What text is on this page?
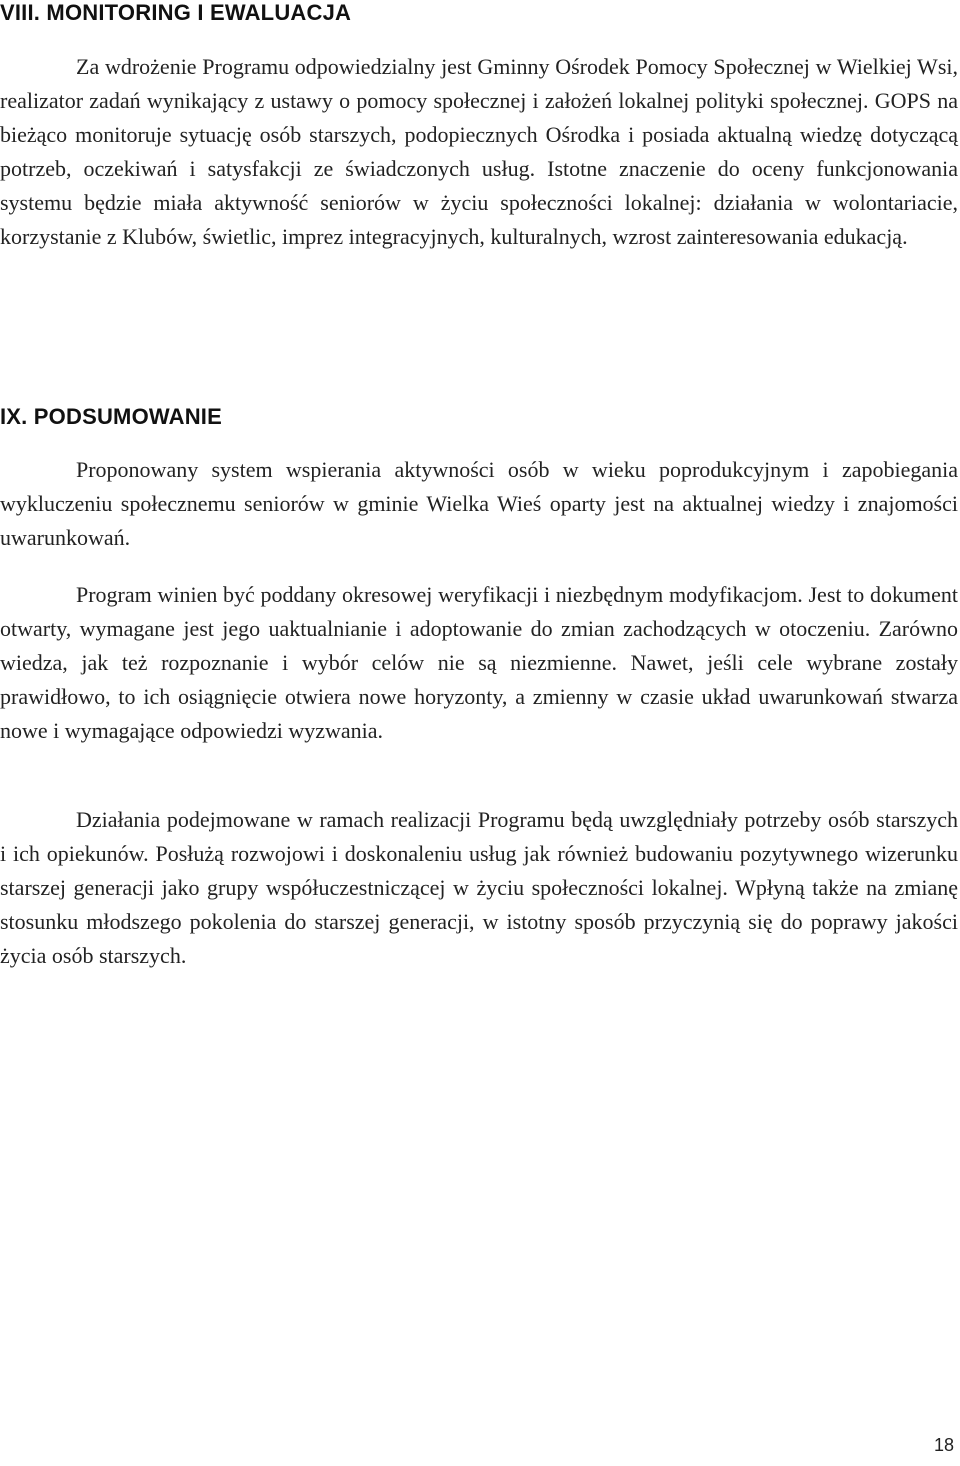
VIII. MONITORING I EWALUACJA

Za wdrożenie Programu odpowiedzialny jest Gminny Ośrodek Pomocy Społecznej w Wielkiej Wsi, realizator zadań wynikający z ustawy o pomocy społecznej i założeń lokalnej polityki społecznej. GOPS na bieżąco monitoruje sytuację osób starszych, podopiecznych Ośrodka i posiada aktualną wiedzę dotyczącą potrzeb, oczekiwań i satysfakcji ze świadczonych usług. Istotne znaczenie do oceny funkcjonowania systemu będzie miała aktywność seniorów w życiu społeczności lokalnej: działania w wolontariacie, korzystanie z Klubów, świetlic, imprez integracyjnych, kulturalnych, wzrost zainteresowania edukacją.

IX. PODSUMOWANIE

Proponowany system wspierania aktywności osób w wieku poprodukcyjnym i zapobiegania wykluczeniu społecznemu seniorów w gminie Wielka Wieś oparty jest na aktualnej wiedzy i znajomości uwarunkowań.

Program winien być poddany okresowej weryfikacji i niezbędnym modyfikacjom. Jest to dokument otwarty, wymagane jest jego uaktualnianie i adoptowanie do zmian zachodzących w otoczeniu. Zarówno wiedza, jak też rozpoznanie i wybór celów nie są niezmienne. Nawet, jeśli cele wybrane zostały prawidłowo, to ich osiągnięcie otwiera nowe horyzonty, a zmienny w czasie układ uwarunkowań stwarza nowe i wymagające odpowiedzi wyzwania.

Działania podejmowane w ramach realizacji Programu będą uwzględniały potrzeby osób starszych i ich opiekunów. Posłużą rozwojowi i doskonaleniu usług jak również budowaniu pozytywnego wizerunku starszej generacji jako grupy współuczestniczącej w życiu społeczności lokalnej. Wpłyną także na zmianę stosunku młodszego pokolenia do starszej generacji, w istotny sposób przyczynią się do poprawy jakości życia osób starszych.

18
